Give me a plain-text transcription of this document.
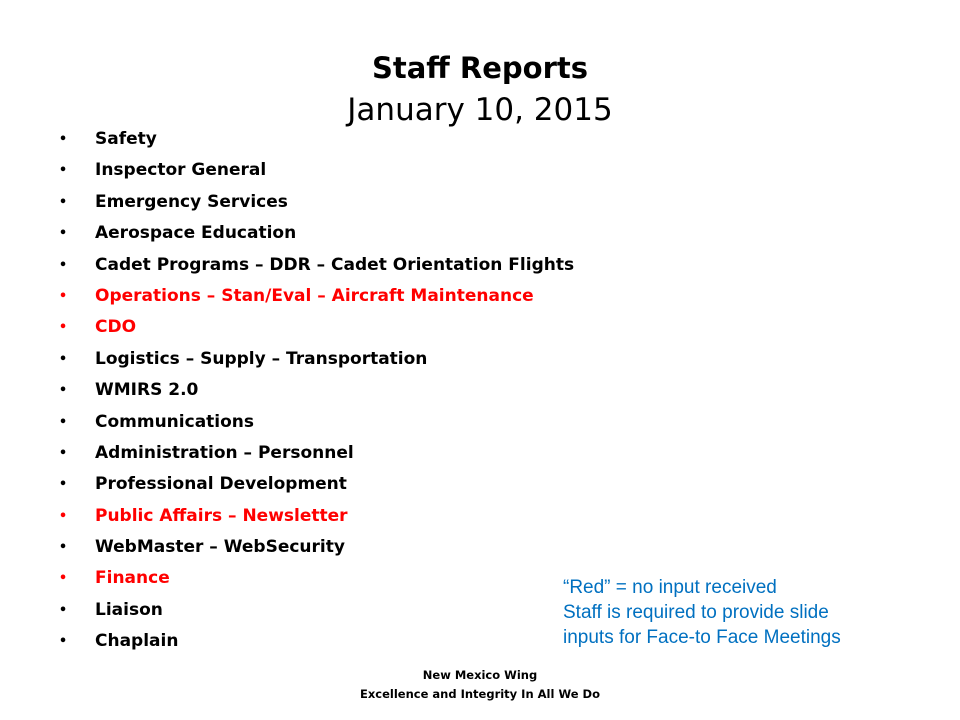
Staff Reports
January 10, 2015
• Safety
• Inspector General
• Emergency Services
• Aerospace Education
• Cadet Programs – DDR – Cadet Orientation Flights
• Operations – Stan/Eval – Aircraft Maintenance
• CDO
• Logistics – Supply – Transportation
• WMIRS 2.0
• Communications
• Administration – Personnel
• Professional Development
• Public Affairs – Newsletter
• WebMaster – WebSecurity
• Finance
• Liaison
• Chaplain
“Red” = no input received
Staff is required to provide slide
inputs for Face-to Face Meetings
New Mexico Wing
Excellence and Integrity In All We Do
